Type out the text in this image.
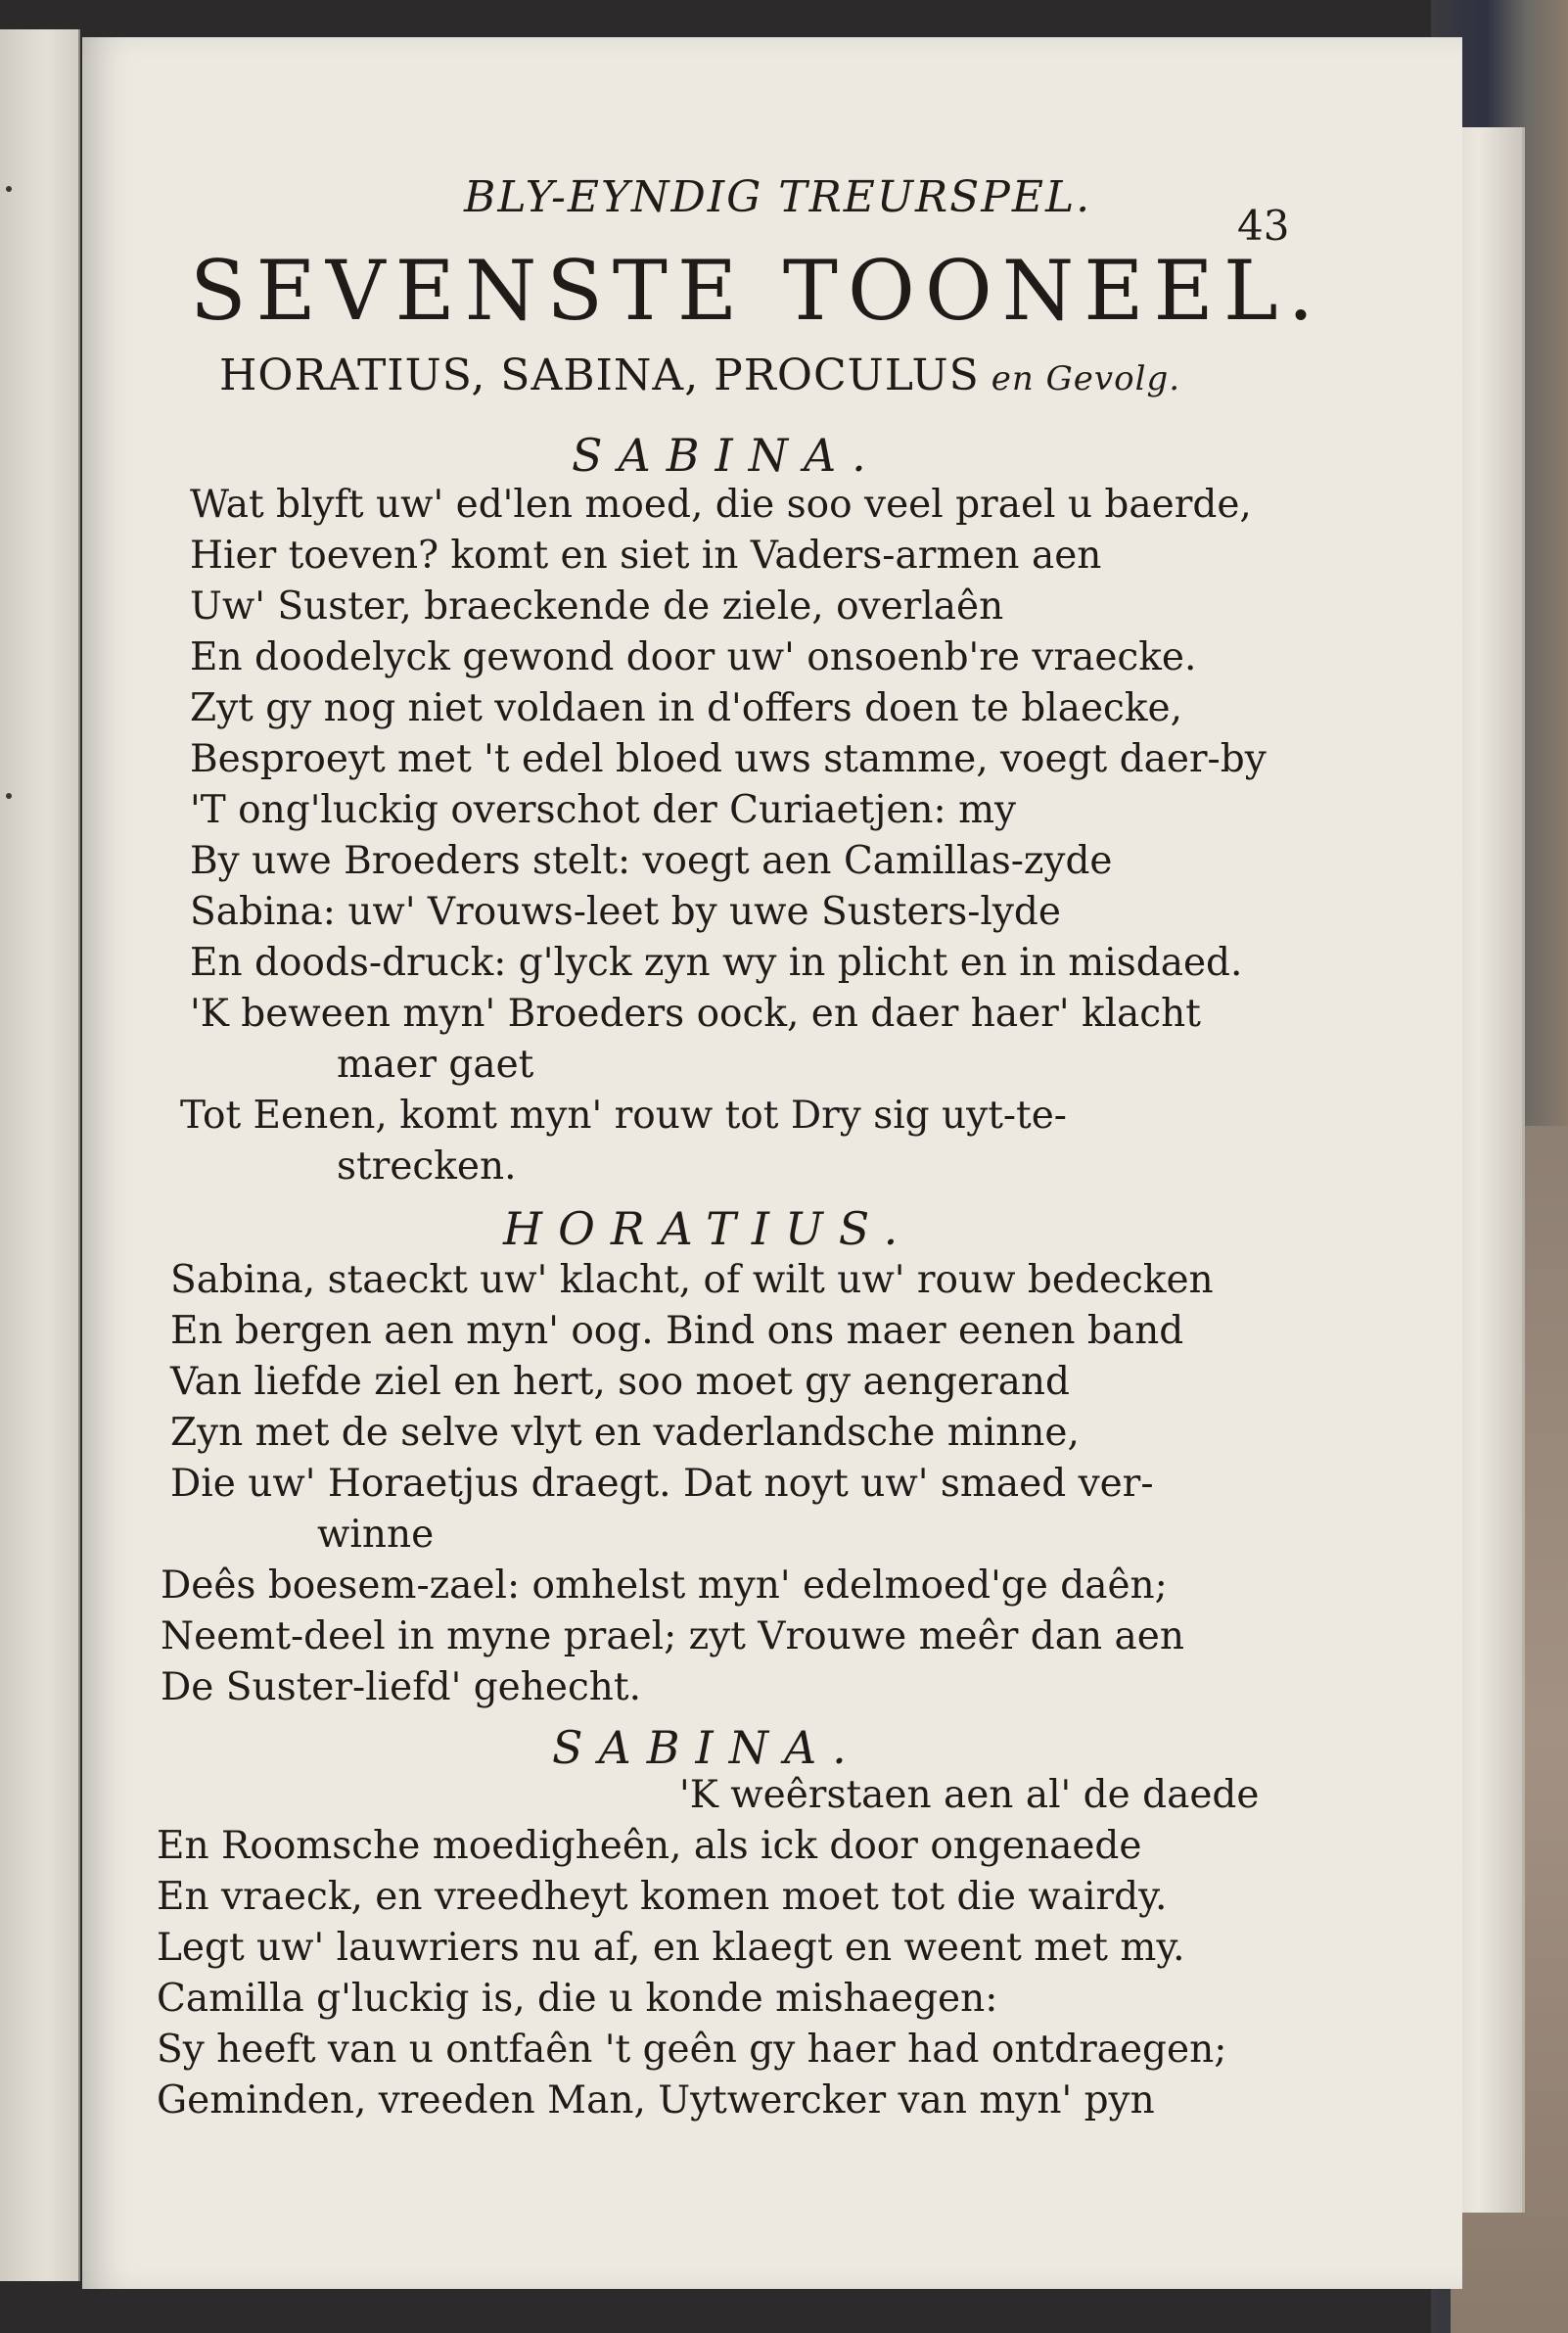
BLY-EYNDIG TREURSPEL.
43
SEVENSTE TOONEEL.
HORATIUS, SABINA, PROCULUS en Gevolg.
SABINA.
Wat blyft uw' ed'len moed, die soo veel prael u baerde,
Hier toeven? komt en siet in Vaders-armen aen
Uw' Suster, braeckende de ziele, overlaên
En doodelyck gewond door uw' onsoenb're vraecke.
Zyt gy nog niet voldaen in d'offers doen te blaecke,
Besproeyt met 't edel bloed uws stamme, voegt daer-by
'T ong'luckig overschot der Curiaetjen: my
By uwe Broeders stelt: voegt aen Camillas-zyde
Sabina: uw' Vrouws-leet by uwe Susters-lyde
En doods-druck: g'lyck zyn wy in plicht en in misdaed.
'K beween myn' Broeders oock, en daer haer' klacht
maer gaet
Tot Eenen, komt myn' rouw tot Dry sig uyt-te-
strecken.
HORATIUS.
Sabina, staeckt uw' klacht, of wilt uw' rouw bedecken
En bergen aen myn' oog. Bind ons maer eenen band
Van liefde ziel en hert, soo moet gy aengerand
Zyn met de selve vlyt en vaderlandsche minne,
Die uw' Horaetjus draegt. Dat noyt uw' smaed ver-
winne
Deês boesem-zael: omhelst myn' edelmoed'ge daên;
Neemt-deel in myne prael; zyt Vrouwe meêr dan aen
De Suster-liefd' gehecht.
SABINA.
'K weêrstaen aen al' de daede
En Roomsche moedigheên, als ick door ongenaede
En vraeck, en vreedheyt komen moet tot die wairdy.
Legt uw' lauwriers nu af, en klaegt en weent met my.
Camilla g'luckig is, die u konde mishaegen:
Sy heeft van u ontfaên 't geên gy haer had ontdraegen;
Geminden, vreeden Man, Uytwercker van myn' pyn
